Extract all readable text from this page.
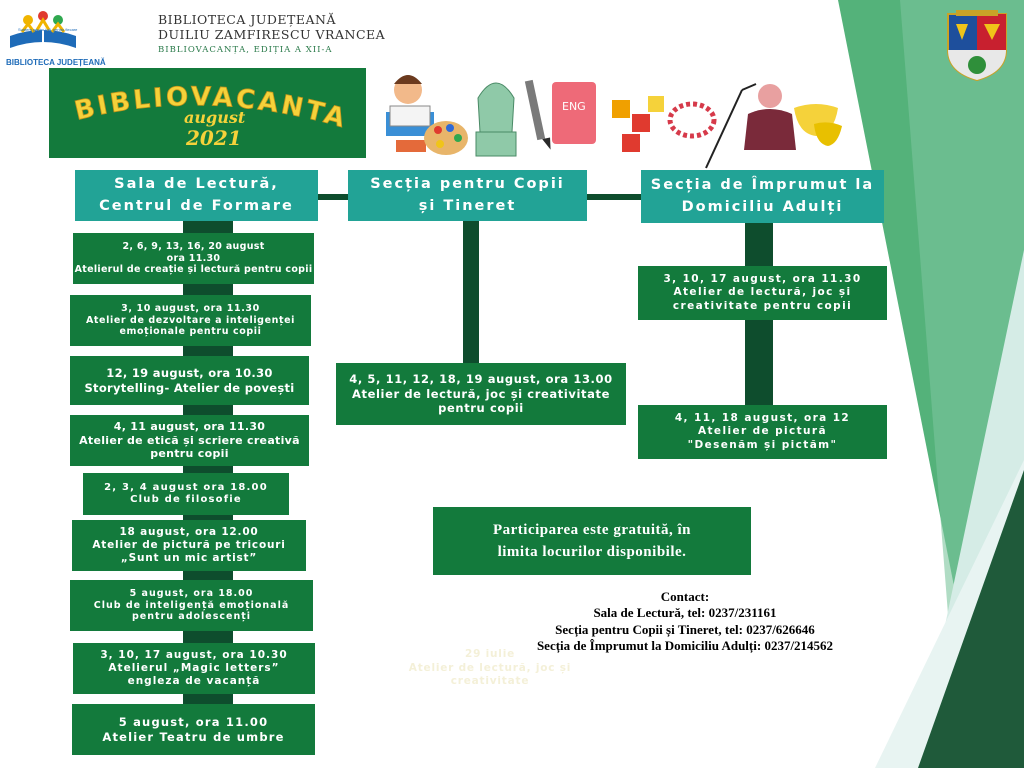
Suntem pentru toți, pentru fiecare
BIBLIOTECA JUDEȚEANĂ
BIBLIOTECA JUDEȚEANĂ
DUILIU ZAMFIRESCU VRANCEA
BIBLIOVACANȚA, EDIȚIA A XII-A
BIBLIOVACANTA
august
2021
ENG
Sala de Lectură,
Centrul de Formare
Secția pentru Copii
și Tineret
Secția de Împrumut la
Domiciliu Adulți
2, 6, 9, 13, 16, 20 august
ora 11.30
Atelierul de creație și lectură pentru copii
3, 10 august, ora 11.30
Atelier de dezvoltare a inteligenței
emoționale pentru copii
12, 19 august, ora 10.30
Storytelling- Atelier de povești
4, 11 august, ora 11.30
Atelier de etică și scriere creativă
pentru copii
2, 3, 4 august ora 18.00
Club de filosofie
18 august, ora 12.00
Atelier de pictură pe tricouri
„Sunt un mic artist”
5 august, ora 18.00
Club de inteligență emoțională
pentru adolescenți
3, 10, 17 august, ora 10.30
Atelierul „Magic letters”
engleza de vacanță
5 august, ora 11.00
Atelier Teatru de umbre
4, 5, 11, 12, 18, 19 august, ora 13.00
Atelier de lectură, joc și creativitate
pentru copii
3, 10, 17 august, ora 11.30
Atelier de lectură, joc și
creativitate pentru copii
4, 11, 18 august, ora 12
Atelier de pictură
"Desenăm și pictăm"
Participarea este gratuită, în
limita locurilor disponibile.
29 iulie
Atelier de lectură, joc și
creativitate
Contact:
Sala de Lectură, tel: 0237/231161
Secția pentru Copii și Tineret, tel: 0237/626646
Secția de Împrumut la Domiciliu Adulți: 0237/214562
